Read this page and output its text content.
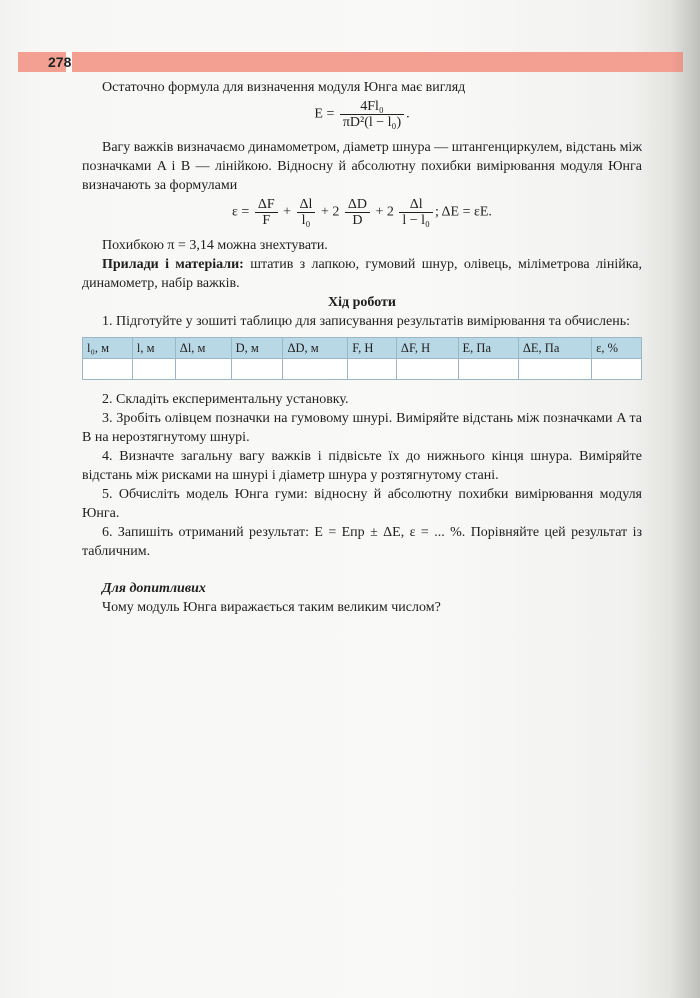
278

Остаточно формула для визначення модуля Юнга має вигляд

$E = \frac{\text{4Fl₀}}{\text{πD²(l − l₀)}}$ .

Вагу важків визначаємо динамометром, діаметр шнура — штангенциркулем, відстань між позначками A і B — лінійкою. Відносну й абсолютну похибки вимірювання модуля Юнга визначають за формулами

$\varepsilon = \frac{\Delta F}{F} + \frac{\Delta l}{\text{l₀}} + 2 \frac{\Delta D}{D} + 2 \frac{\Delta l}{\text{l − l₀}}$ ; ΔE = εE.

Похибкою π = 3,14 можна знехтувати.

Прилади і матеріали: штатив з лапкою, гумовий шнур, олівець, міліметрова лінійка, динамометр, набір важків.

Хід роботи

1. Підготуйте у зошиті таблицю для записування результатів вимірювання та обчислень:

l₀, м	l, м	Δl, м	D, м	ΔD, м	F, Н	ΔF, Н	E, Па	ΔE, Па	ε, %

2. Складіть експериментальну установку.

3. Зробіть олівцем позначки на гумовому шнурі. Виміряйте відстань між позначками A та B на нерозтягнутому шнурі.

4. Визначте загальну вагу важків і підвісьте їх до нижнього кінця шнура. Виміряйте відстань між рисками на шнурі і діаметр шнура у розтягнутому стані.

5. Обчисліть модель Юнга гуми: відносну й абсолютну похибки вимірювання модуля Юнга.

6. Запишіть отриманий результат: E = Eпр ± ΔE, ε = ... %. Порівняйте цей результат із табличним.

Для допитливих

Чому модуль Юнга виражається таким великим числом?
